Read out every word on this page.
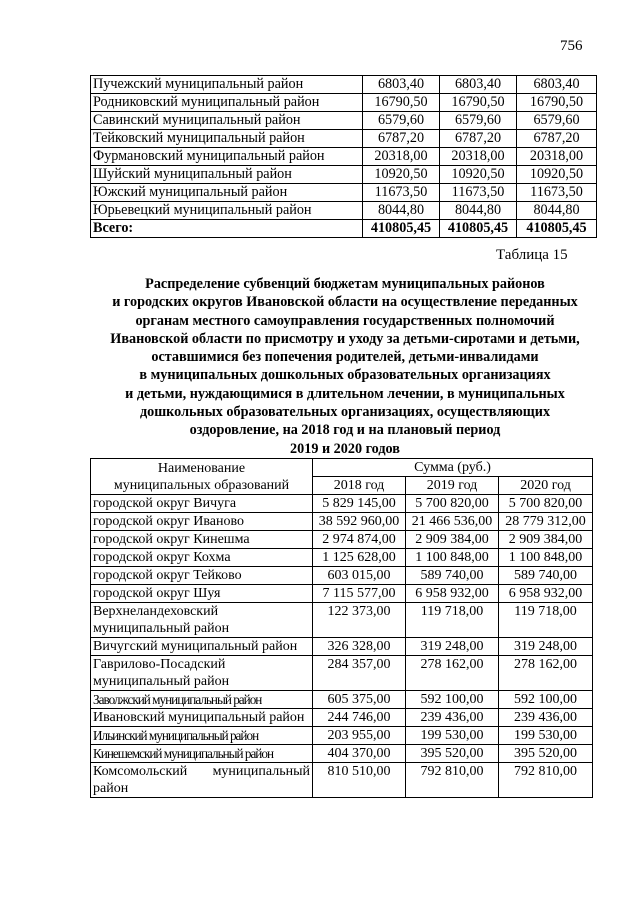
756
Пучежский муниципальный район	6803,40	6803,40	6803,40
Родниковский муниципальный район	16790,50	16790,50	16790,50
Савинский муниципальный район	6579,60	6579,60	6579,60
Тейковский муниципальный район	6787,20	6787,20	6787,20
Фурмановский муниципальный район	20318,00	20318,00	20318,00
Шуйский муниципальный район	10920,50	10920,50	10920,50
Южский муниципальный район	11673,50	11673,50	11673,50
Юрьевецкий муниципальный район	8044,80	8044,80	8044,80
Всего:	410805,45	410805,45	410805,45
Таблица 15
Распределение субвенций бюджетам муниципальных районов
и городских округов Ивановской области на осуществление переданных
органам местного самоуправления государственных полномочий
Ивановской области по присмотру и уходу за детьми-сиротами и детьми,
оставшимися без попечения родителей, детьми-инвалидами
в муниципальных дошкольных образовательных организациях
и детьми, нуждающимися в длительном лечении, в муниципальных
дошкольных образовательных организациях, осуществляющих
оздоровление, на 2018 год и на плановый период
2019 и 2020 годов
Наименование
муниципальных образований	Сумма (руб.)		
	2018 год	2019 год	2020 год
городской округ Вичуга	5 829 145,00	5 700 820,00	5 700 820,00
городской округ Иваново	38 592 960,00	21 466 536,00	28 779 312,00
городской округ Кинешма	2 974 874,00	2 909 384,00	2 909 384,00
городской округ Кохма	1 125 628,00	1 100 848,00	1 100 848,00
городской округ Тейково	603 015,00	589 740,00	589 740,00
городской округ Шуя	7 115 577,00	6 958 932,00	6 958 932,00
Верхнеландеховский муниципальный район	122 373,00	119 718,00	119 718,00
Вичугский муниципальный район	326 328,00	319 248,00	319 248,00
Гаврилово-Посадский муниципальный район	284 357,00	278 162,00	278 162,00
Заволжский муниципальный район	605 375,00	592 100,00	592 100,00
Ивановский муниципальный район	244 746,00	239 436,00	239 436,00
Ильинский муниципальный район	203 955,00	199 530,00	199 530,00
Кинешемский муниципальный район	404 370,00	395 520,00	395 520,00
Комсомольский муниципальный район	810 510,00	792 810,00	792 810,00
